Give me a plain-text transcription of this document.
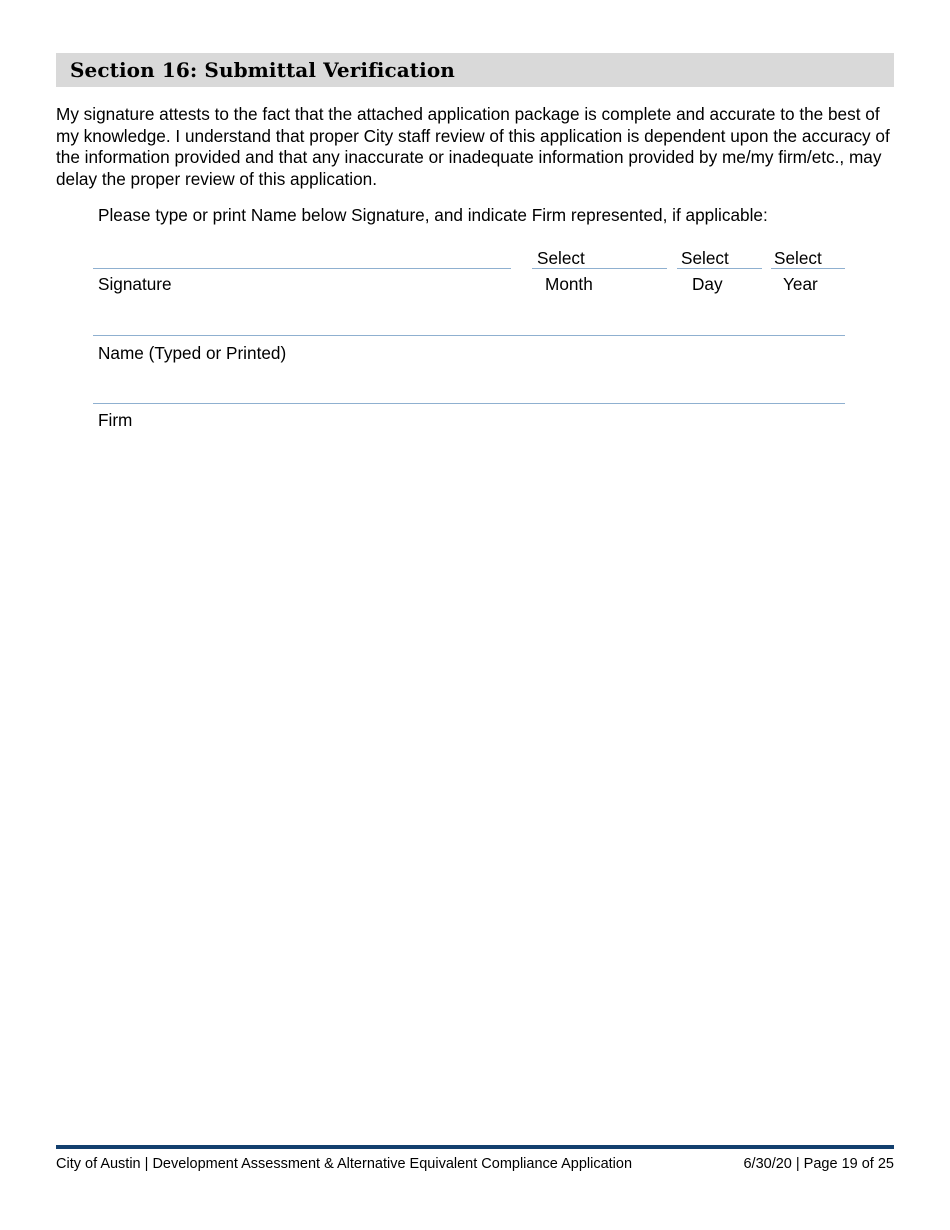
Section 16: Submittal Verification

My signature attests to the fact that the attached application package is complete and accurate to the best of my knowledge. I understand that proper City staff review of this application is dependent upon the accuracy of the information provided and that any inaccurate or inadequate information provided by me/my firm/etc., may delay the proper review of this application.

Please type or print Name below Signature, and indicate Firm represented, if applicable:

Select	Select	Select
Signature	Month	Day	Year
Name (Typed or Printed)
Firm
City of Austin | Development Assessment & Alternative Equivalent Compliance Application	6/30/20 | Page 19 of 25
